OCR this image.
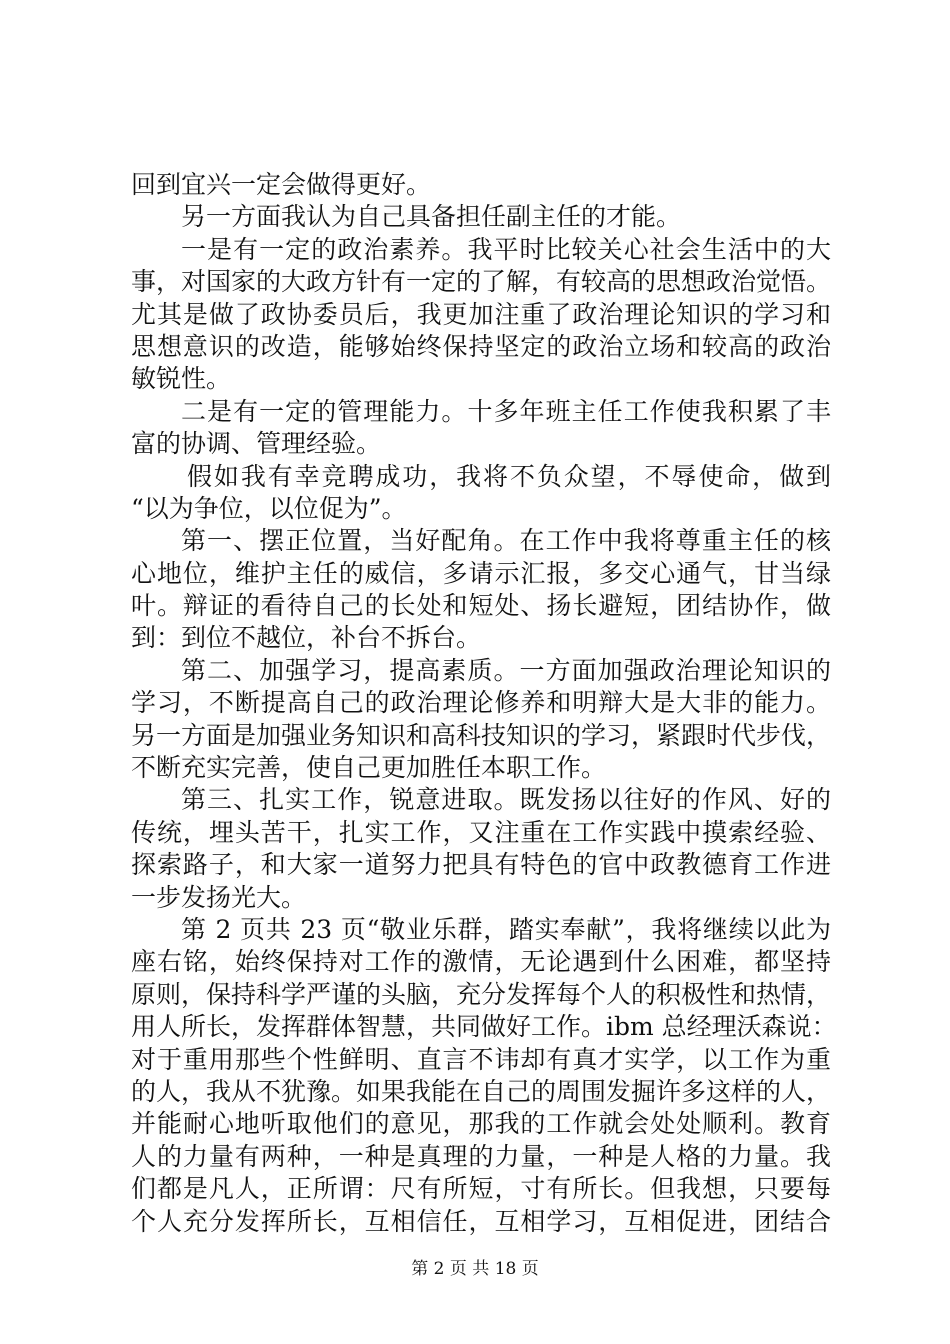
回到宜兴一定会做得更好。
另一方面我认为自己具备担任副主任的才能。
一是有一定的政治素养。我平时比较关心社会生活中的大
事，对国家的大政方针有一定的了解，有较高的思想政治觉悟。
尤其是做了政协委员后，我更加注重了政治理论知识的学习和
思想意识的改造，能够始终保持坚定的政治立场和较高的政治
敏锐性。
二是有一定的管理能力。十多年班主任工作使我积累了丰
富的协调、管理经验。
假如我有幸竞聘成功，我将不负众望，不辱使命，做到
“以为争位，以位促为”。
第一、摆正位置，当好配角。在工作中我将尊重主任的核
心地位，维护主任的威信，多请示汇报，多交心通气，甘当绿
叶。辩证的看待自己的长处和短处、扬长避短，团结协作，做
到：到位不越位，补台不拆台。
第二、加强学习，提高素质。一方面加强政治理论知识的
学习，不断提高自己的政治理论修养和明辩大是大非的能力。
另一方面是加强业务知识和高科技知识的学习，紧跟时代步伐，
不断充实完善，使自己更加胜任本职工作。
第三、扎实工作，锐意进取。既发扬以往好的作风、好的
传统，埋头苦干，扎实工作，又注重在工作实践中摸索经验、
探索路子，和大家一道努力把具有特色的官中政教德育工作进
一步发扬光大。
第 2 页共 23 页“敬业乐群，踏实奉献”，我将继续以此为
座右铭，始终保持对工作的激情，无论遇到什么困难，都坚持
原则，保持科学严谨的头脑，充分发挥每个人的积极性和热情，
用人所长，发挥群体智慧，共同做好工作。ibm 总经理沃森说：
对于重用那些个性鲜明、直言不讳却有真才实学，以工作为重
的人，我从不犹豫。如果我能在自己的周围发掘许多这样的人，
并能耐心地听取他们的意见，那我的工作就会处处顺利。教育
人的力量有两种，一种是真理的力量，一种是人格的力量。我
们都是凡人，正所谓：尺有所短，寸有所长。但我想，只要每
个人充分发挥所长，互相信任，互相学习，互相促进，团结合
第 2 页 共 18 页
